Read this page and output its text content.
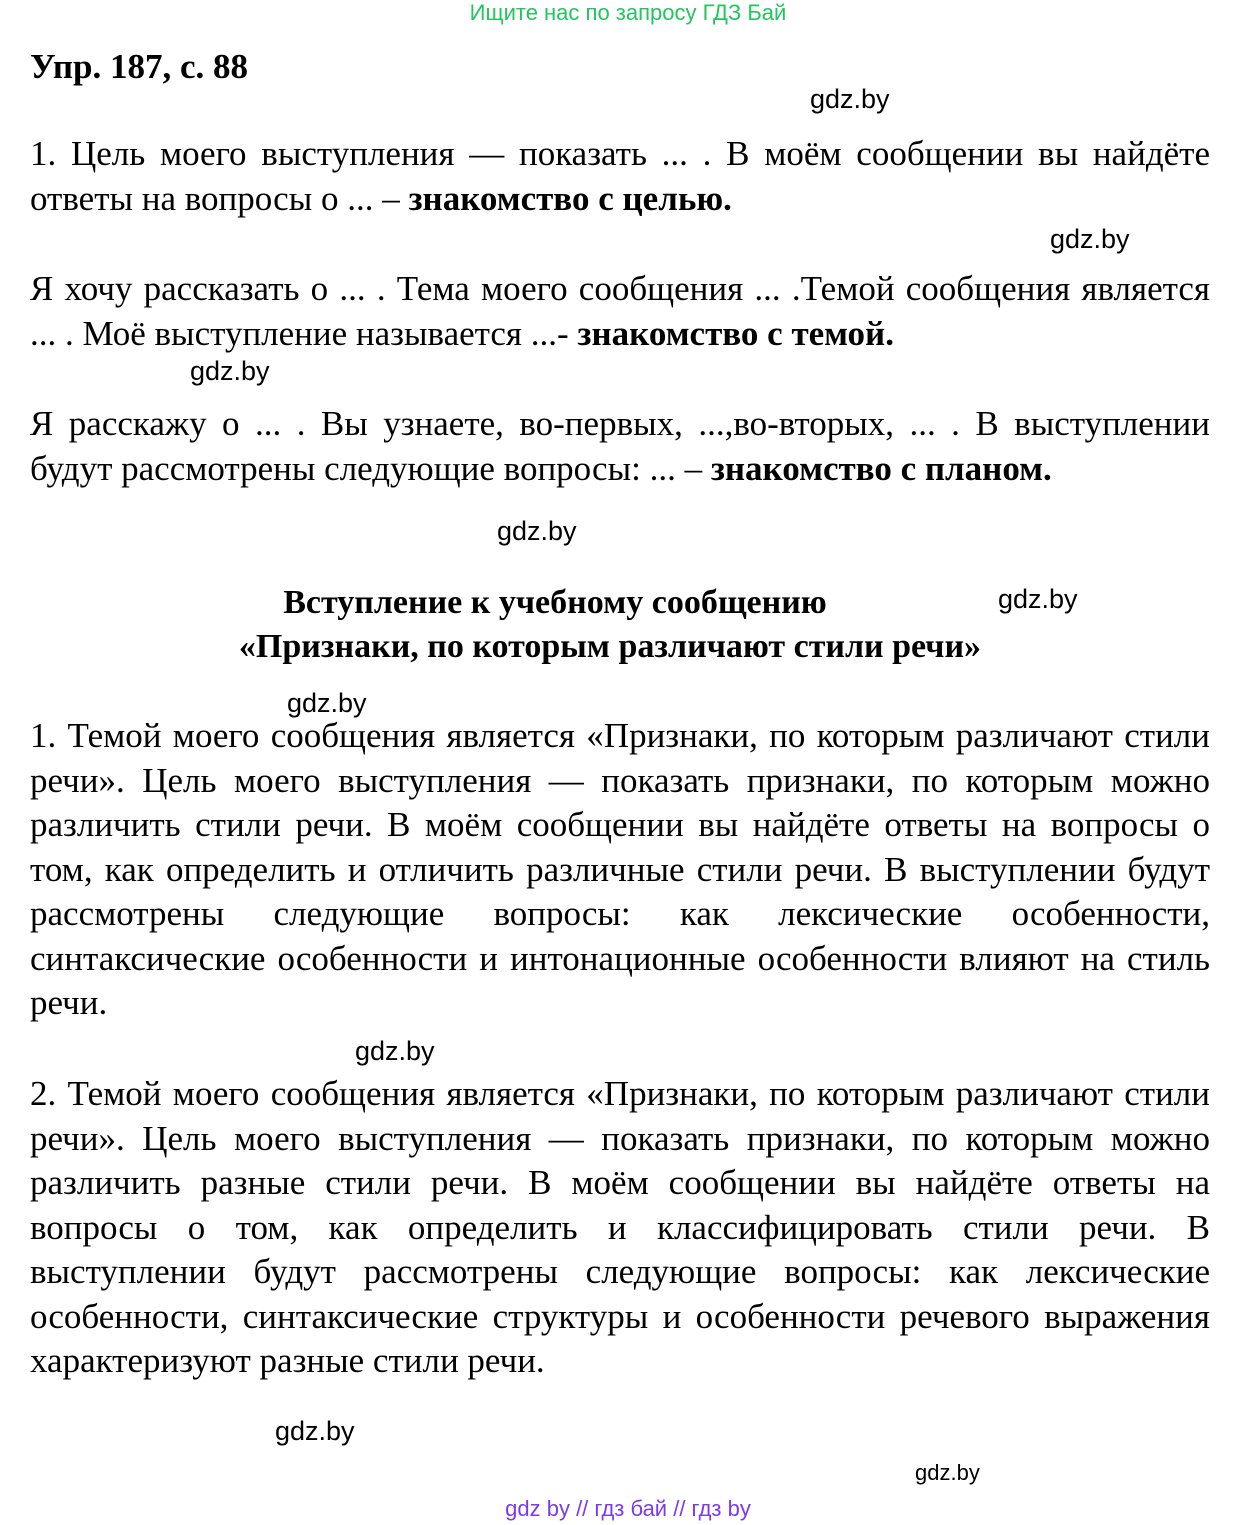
Ищите нас по запросу ГДЗ Бай
Упр. 187, с. 88
gdz.by

1. Цель моего выступления — показать ... . В моём сообщении вы найдёте ответы на вопросы о ... – знакомство с целью.

gdz.by

Я хочу рассказать о ... . Тема моего сообщения ... .Темой сообщения является ... . Моё выступление называется ...- знакомство с темой.

gdz.by

Я расскажу о ... . Вы узнаете, во-первых, ...,во-вторых, ... . В выступлении будут рассмотрены следующие вопросы: ... – знакомство с планом.

gdz.by
gdz.by
Вступление к учебному сообщению
«Признаки, по которым различают стили речи»
gdz.by

1. Темой моего сообщения является «Признаки, по которым различают стили речи». Цель моего выступления — показать признаки, по которым можно различить стили речи. В моём сообщении вы найдёте ответы на вопросы о том, как определить и отличить различные стили речи. В выступлении будут рассмотрены следующие вопросы: как лексические особенности, синтаксические особенности и интонационные особенности влияют на стиль речи.

gdz.by

2. Темой моего сообщения является «Признаки, по которым различают стили речи». Цель моего выступления — показать признаки, по которым можно различить разные стили речи. В моём сообщении вы найдёте ответы на вопросы о том, как определить и классифицировать стили речи. В выступлении будут рассмотрены следующие вопросы: как лексические особенности, синтаксические структуры и особенности речевого выражения характеризуют разные стили речи.

gdz.by
gdz.by
gdz by // гдз бай // гдз by
